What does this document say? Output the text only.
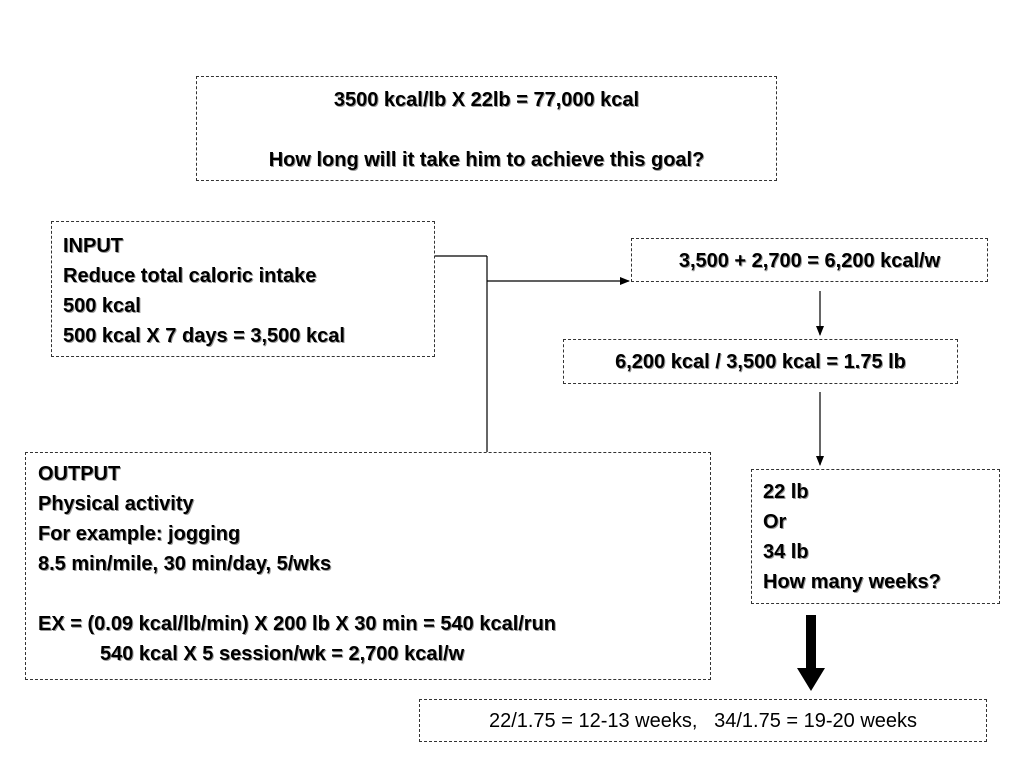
3500 kcal/lb X 22lb = 77,000 kcal
How long will it take him to achieve this goal?
INPUT
Reduce total caloric intake
500 kcal
500 kcal X 7 days = 3,500 kcal
OUTPUT
Physical activity
For example: jogging
8.5 min/mile, 30 min/day, 5/wks
EX = (0.09 kcal/lb/min) X 200 lb X 30 min = 540 kcal/run
540 kcal X 5 session/wk = 2,700 kcal/w
3,500 + 2,700 = 6,200 kcal/w
6,200 kcal / 3,500 kcal = 1.75 lb
22 lb
Or
34 lb
How many weeks?
22/1.75 = 12-13 weeks,   34/1.75 = 19-20 weeks
